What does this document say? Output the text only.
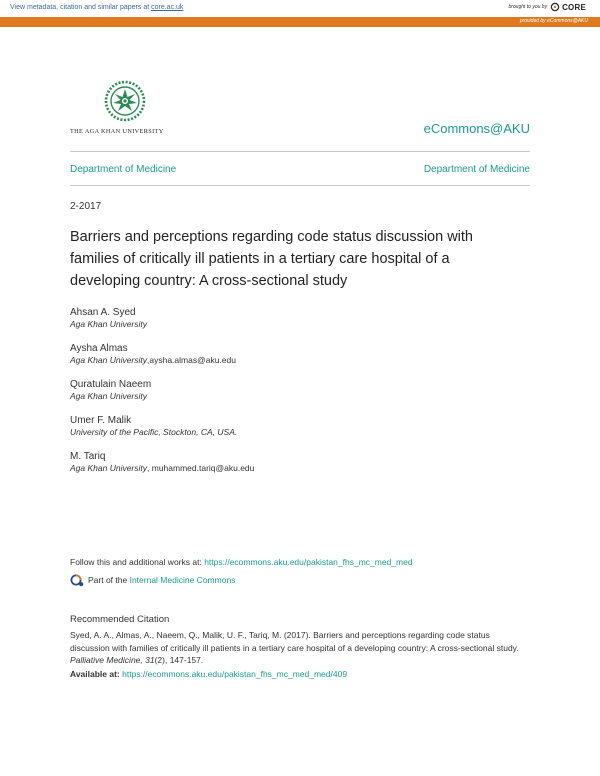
View metadata, citation and similar papers at core.ac.uk	brought to you by CORE
provided by eCommons@AKU
THE AGA KHAN UNIVERSITY	eCommons@AKU
Department of Medicine	Department of Medicine
2-2017
Barriers and perceptions regarding code status discussion with families of critically ill patients in a tertiary care hospital of a developing country: A cross-sectional study
Ahsan A. Syed
Aga Khan University
Aysha Almas
Aga Khan University,aysha.almas@aku.edu
Quratulain Naeem
Aga Khan University
Umer F. Malik
University of the Pacific, Stockton, CA, USA.
M. Tariq
Aga Khan University, muhammed.tariq@aku.edu
Follow this and additional works at: https://ecommons.aku.edu/pakistan_fhs_mc_med_med
Part of the Internal Medicine Commons
Recommended Citation
Syed, A. A., Almas, A., Naeem, Q., Malik, U. F., Tariq, M. (2017). Barriers and perceptions regarding code status discussion with families of critically ill patients in a tertiary care hospital of a developing country: A cross-sectional study. Palliative Medicine, 31(2), 147-157.
Available at: https://ecommons.aku.edu/pakistan_fhs_mc_med_med/409
